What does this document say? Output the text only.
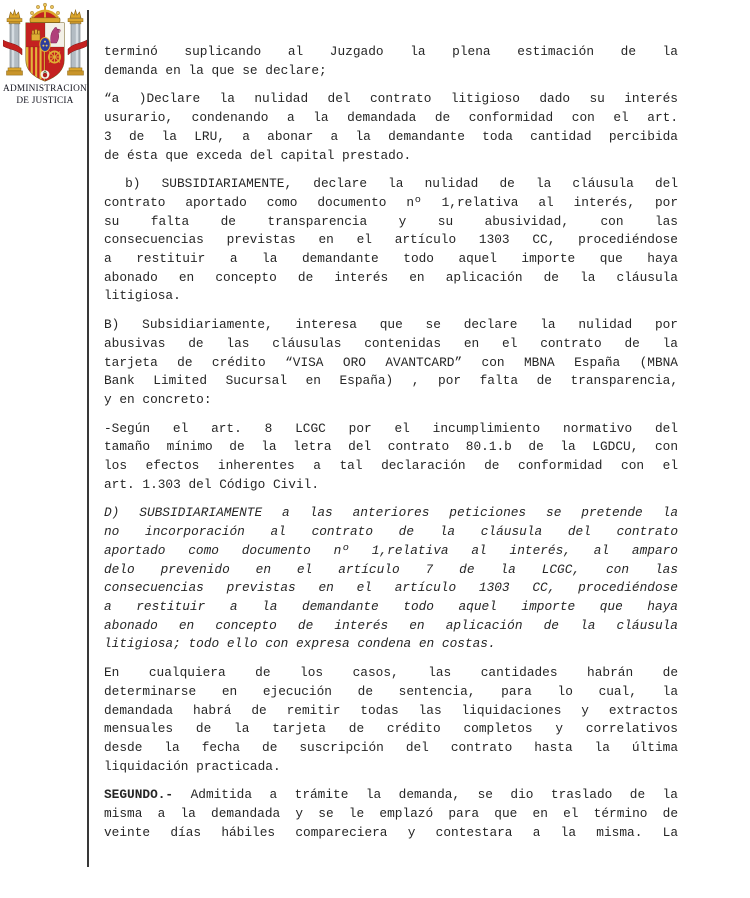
ADMINISTRACION
DE JUSTICIA

terminó suplicando al Juzgado la plena estimación de la
demanda en la que se declare;

“a )Declare la nulidad del contrato litigioso dado su interés
usurario, condenando a la demandada de conformidad con el art.
3 de la LRU, a abonar a la demandante toda cantidad percibida
de ésta que exceda del capital prestado.

b) SUBSIDIARIAMENTE, declare la nulidad de la cláusula del
contrato aportado como documento nº 1,relativa al interés, por
su falta de transparencia y su abusividad, con las
consecuencias previstas en el artículo 1303 CC, procediéndose
a restituir a la demandante todo aquel importe que haya
abonado en concepto de interés en aplicación de la cláusula
litigiosa.

B) Subsidiariamente, interesa que se declare la nulidad por
abusivas de las cláusulas contenidas en el contrato de la
tarjeta de crédito “VISA ORO AVANTCARD” con MBNA España (MBNA
Bank Limited Sucursal en España) , por falta de transparencia,
y en concreto:

-Según el art. 8 LCGC por el incumplimiento normativo del
tamaño mínimo de la letra del contrato 80.1.b de la LGDCU, con
los efectos inherentes a tal declaración de conformidad con el
art. 1.303 del Código Civil.

D) SUBSIDIARIAMENTE a las anteriores peticiones se pretende la
no incorporación al contrato de la cláusula del contrato
aportado como documento nº 1,relativa al interés, al amparo
delo prevenido en el artículo 7 de la LCGC, con las
consecuencias previstas en el artículo 1303 CC, procediéndose
a restituir a la demandante todo aquel importe que haya
abonado en concepto de interés en aplicación de la cláusula
litigiosa; todo ello con expresa condena en costas.

En cualquiera de los casos, las cantidades habrán de
determinarse en ejecución de sentencia, para lo cual, la
demandada habrá de remitir todas las liquidaciones y extractos
mensuales de la tarjeta de crédito completos y correlativos
desde la fecha de suscripción del contrato hasta la última
liquidación practicada.

SEGUNDO.- Admitida a trámite la demanda, se dio traslado de la
misma a la demandada y se le emplazó para que en el término de
veinte días hábiles compareciera y contestara a la misma. La
